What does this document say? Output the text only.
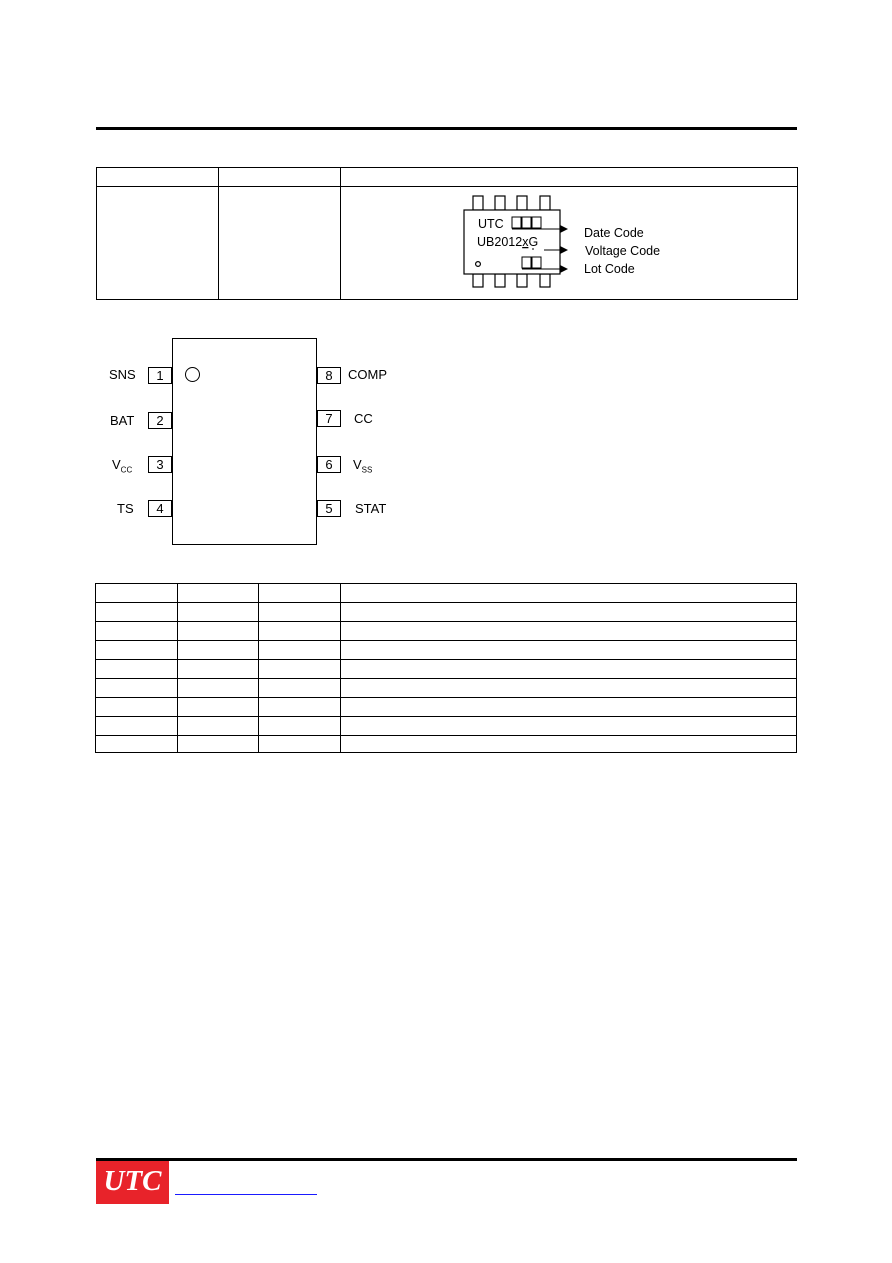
UTC
UB2012xG
Date Code
Voltage Code
Lot Code
1
2
3
4
SNS
BAT
$V_{CC}$
TS
8
7
6
5
COMP
CC
$V_{SS}$
STAT
UTC
